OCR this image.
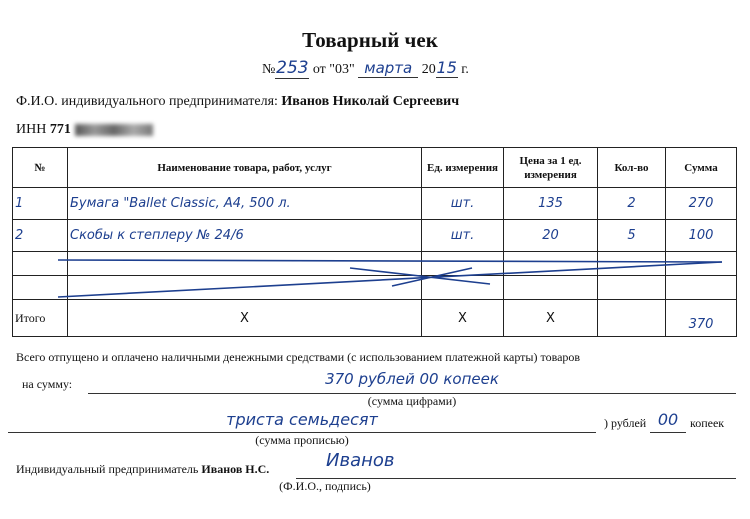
Товарный чек
№253 от "03" марта 2015 г.
Ф.И.О. индивидуального предпринимателя: Иванов Николай Сергеевич
ИНН 771
№	Наименование товара, работ, услуг	Ед. измерения	Цена за 1 ед. измерения	Кол-во	Сумма
1	Бумага "Ballet Classic, A4, 500 л.	шт.	135	2	270
2	Скобы к степлеру № 24/6	шт.	20	5	100

Итого	X	X	X		370
Всего отпущено и оплачено наличными денежными средствами (с использованием платежной карты) товаров
на сумму:	370 рублей 00 копеек
(сумма цифрами)
триста семьдесят	) рублей 00 копеек
(сумма прописью)
Индивидуальный предприниматель Иванов Н.С.	Иванов
(Ф.И.О., подпись)
